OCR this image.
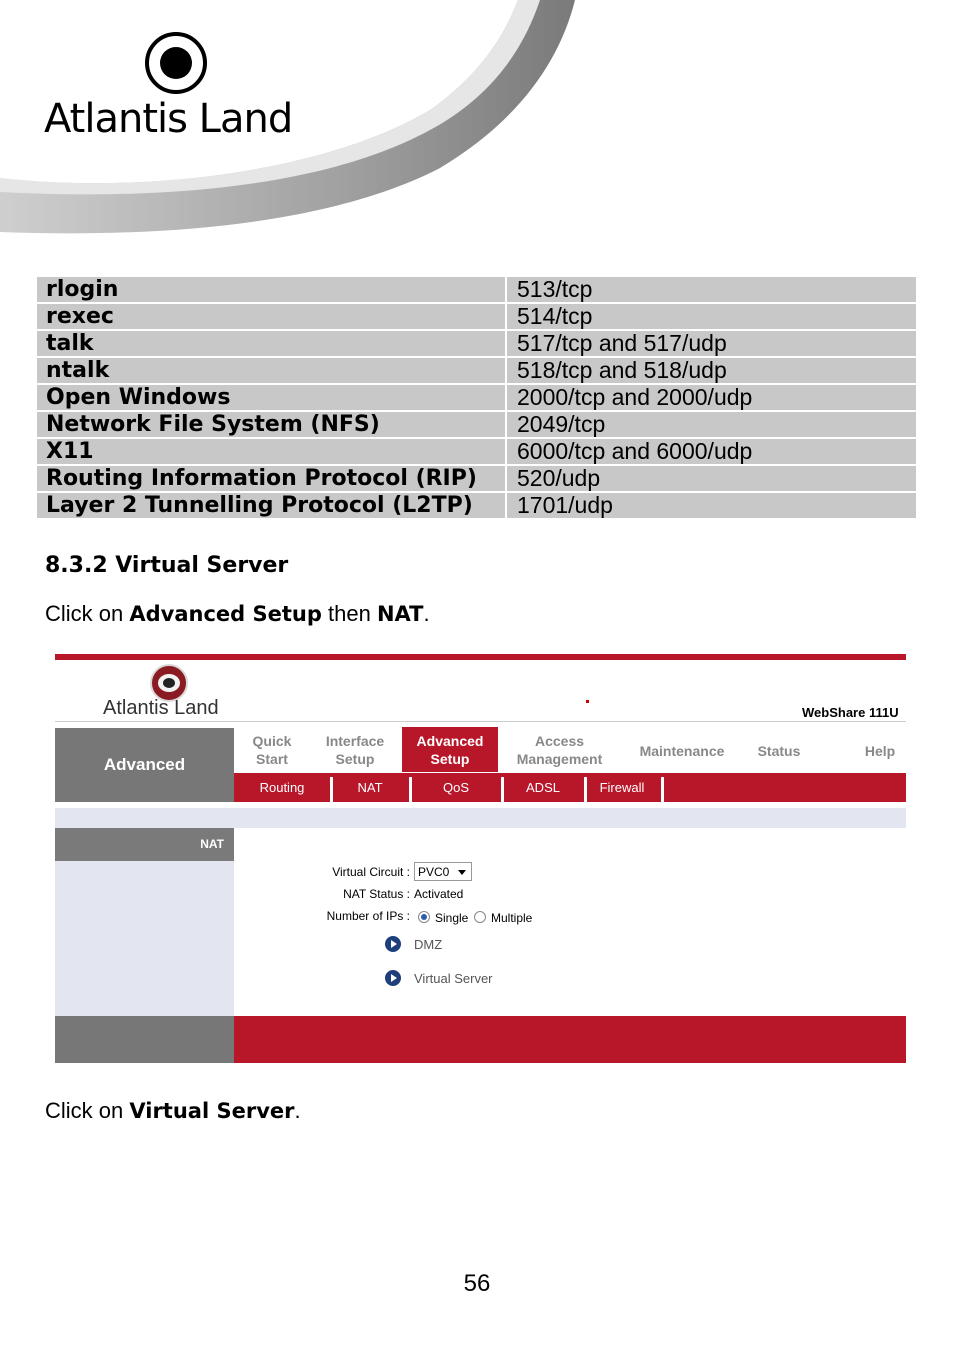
Atlantis Land
rlogin	513/tcp
rexec	514/tcp
talk	517/tcp and 517/udp
ntalk	518/tcp and 518/udp
Open Windows	2000/tcp and 2000/udp
Network File System (NFS)	2049/tcp
X11	6000/tcp and 6000/udp
Routing Information Protocol (RIP)	520/udp
Layer 2 Tunnelling Protocol (L2TP)	1701/udp
8.3.2 Virtual Server
Click on Advanced Setup then NAT.
Atlantis Land	WebShare 111U
Advanced
Quick
Start
Interface
Setup
Advanced
Setup
Access
Management	Maintenance	Status	Help
Routing	NAT	QoS	ADSL	Firewall
NAT
Virtual Circuit : PVC0
NAT Status : Activated
Number of IPs : Single Multiple
DMZ
Virtual Server
Click on Virtual Server.
56
